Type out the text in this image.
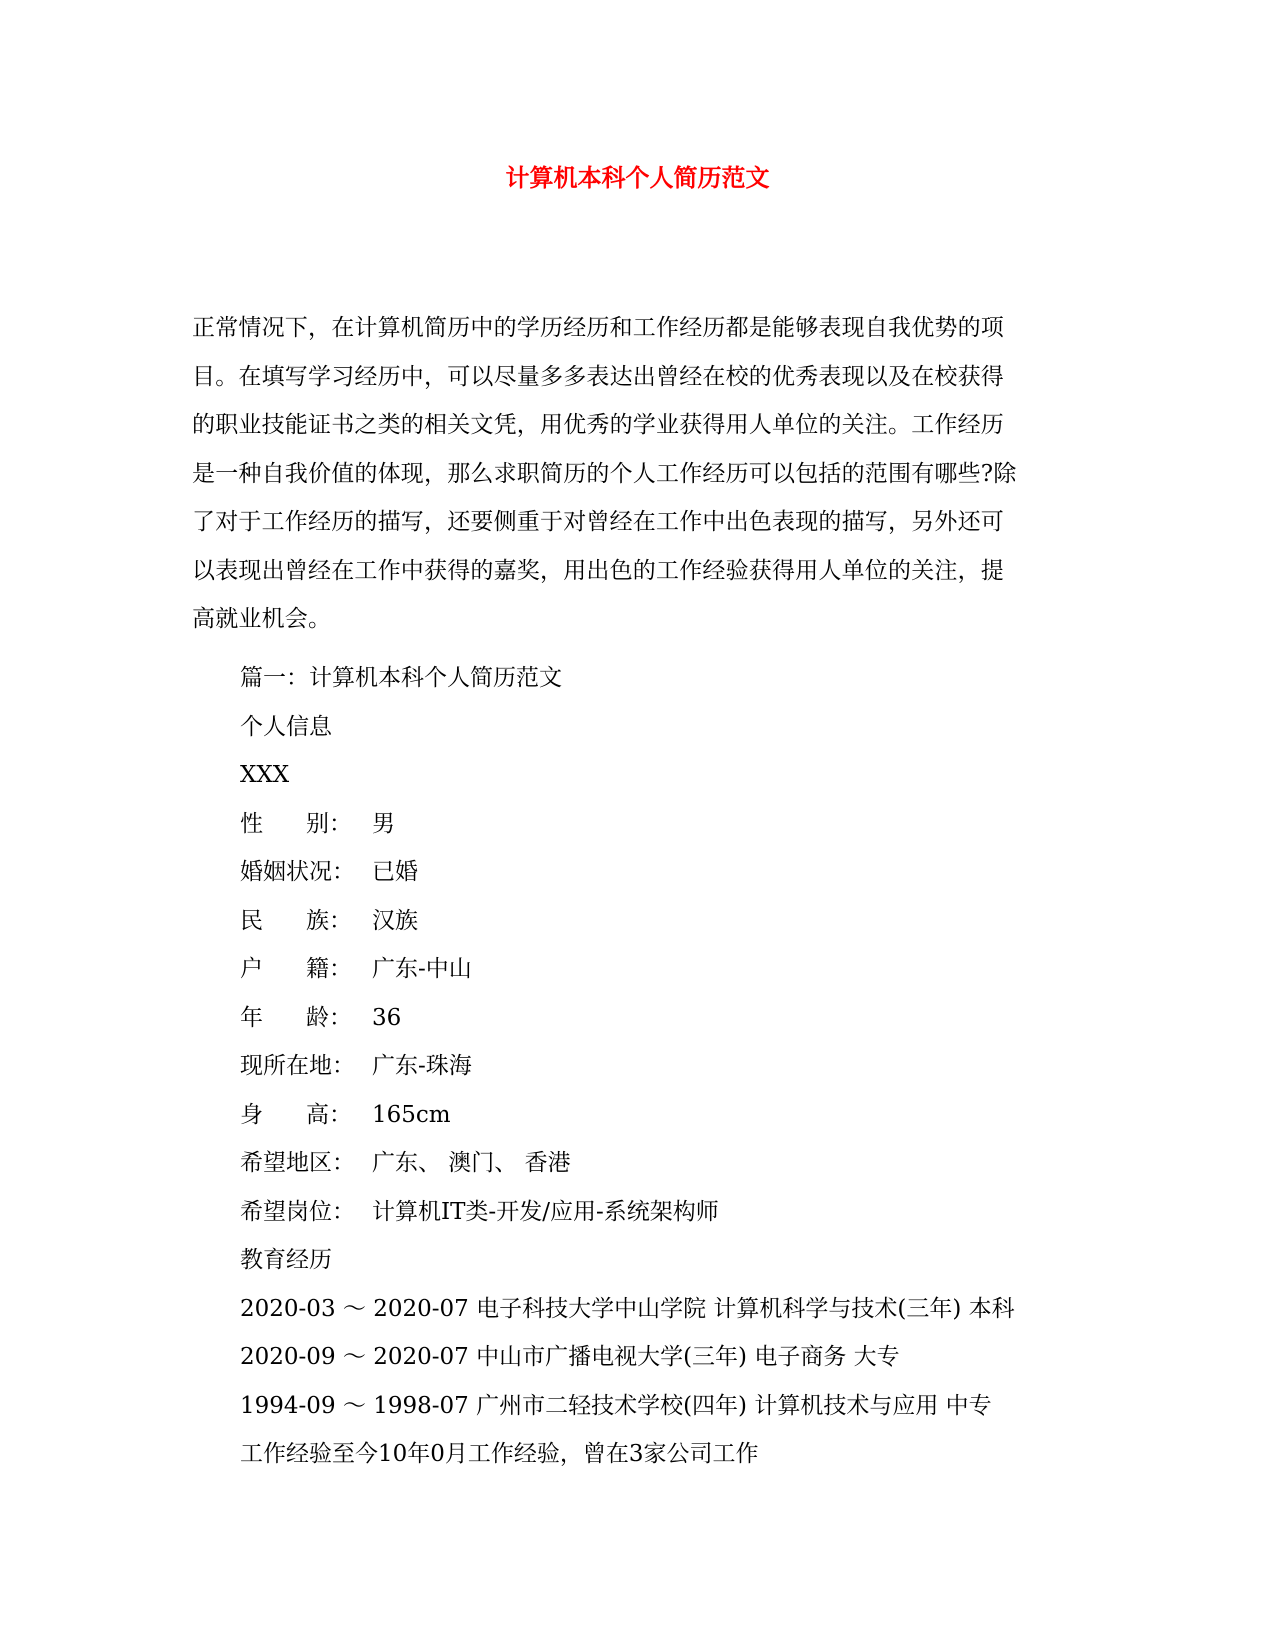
计算机本科个人简历范文

正常情况下，在计算机简历中的学历经历和工作经历都是能够表现自我优势的项
目。在填写学习经历中，可以尽量多多表达出曾经在校的优秀表现以及在校获得
的职业技能证书之类的相关文凭，用优秀的学业获得用人单位的关注。工作经历
是一种自我价值的体现，那么求职简历的个人工作经历可以包括的范围有哪些?除
了对于工作经历的描写，还要侧重于对曾经在工作中出色表现的描写，另外还可
以表现出曾经在工作中获得的嘉奖，用出色的工作经验获得用人单位的关注，提
高就业机会。

篇一：计算机本科个人简历范文
个人信息
XXX
性 别： 男
婚 姻 状 况： 已婚
民 族： 汉族
户 籍： 广东-中山
年 龄： 36
现 所 在 地： 广东-珠海
身 高： 165cm
希 望 地 区： 广东、 澳门、 香港
希 望 岗 位： 计算机IT类-开发/应用-系统架构师
教育经历
2020-03 ～ 2020-07 电子科技大学中山学院 计算机科学与技术(三年) 本科
2020-09 ～ 2020-07 中山市广播电视大学(三年) 电子商务 大专
1994-09 ～ 1998-07 广州市二轻技术学校(四年) 计算机技术与应用 中专
工作经验至今10年0月工作经验，曾在3家公司工作
